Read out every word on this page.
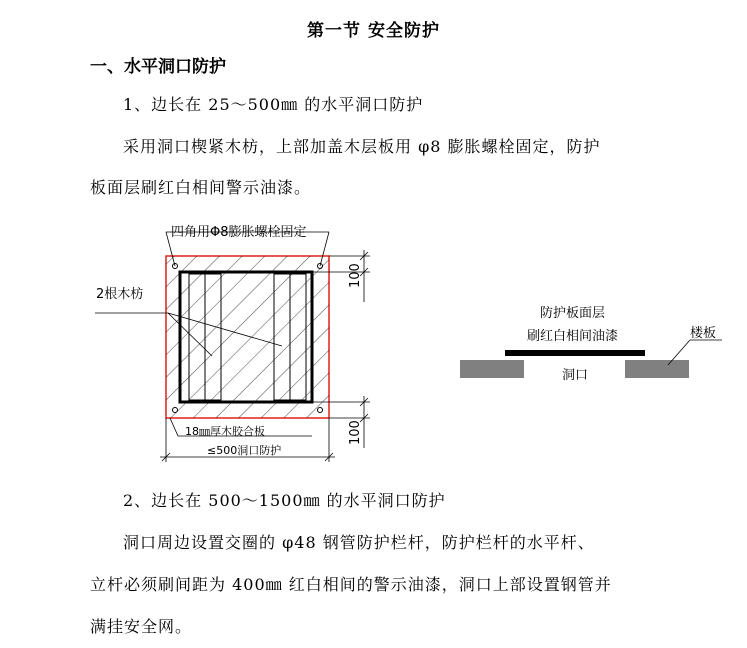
第一节 安全防护
一、水平洞口防护
1、边长在 25～500㎜ 的水平洞口防护
采用洞口楔紧木枋，上部加盖木层板用 φ8 膨胀螺栓固定，防护
板面层刷红白相间警示油漆。
四角用Φ8膨胀螺栓固定
2根木枋
100
100
18㎜厚木胶合板
≤500洞口防护
防护板面层
刷红白相间油漆	楼板
洞口
2、边长在 500～1500㎜ 的水平洞口防护
洞口周边设置交圈的 φ48 钢管防护栏杆，防护栏杆的水平杆、
立杆必须刷间距为 400㎜ 红白相间的警示油漆，洞口上部设置钢管并
满挂安全网。
